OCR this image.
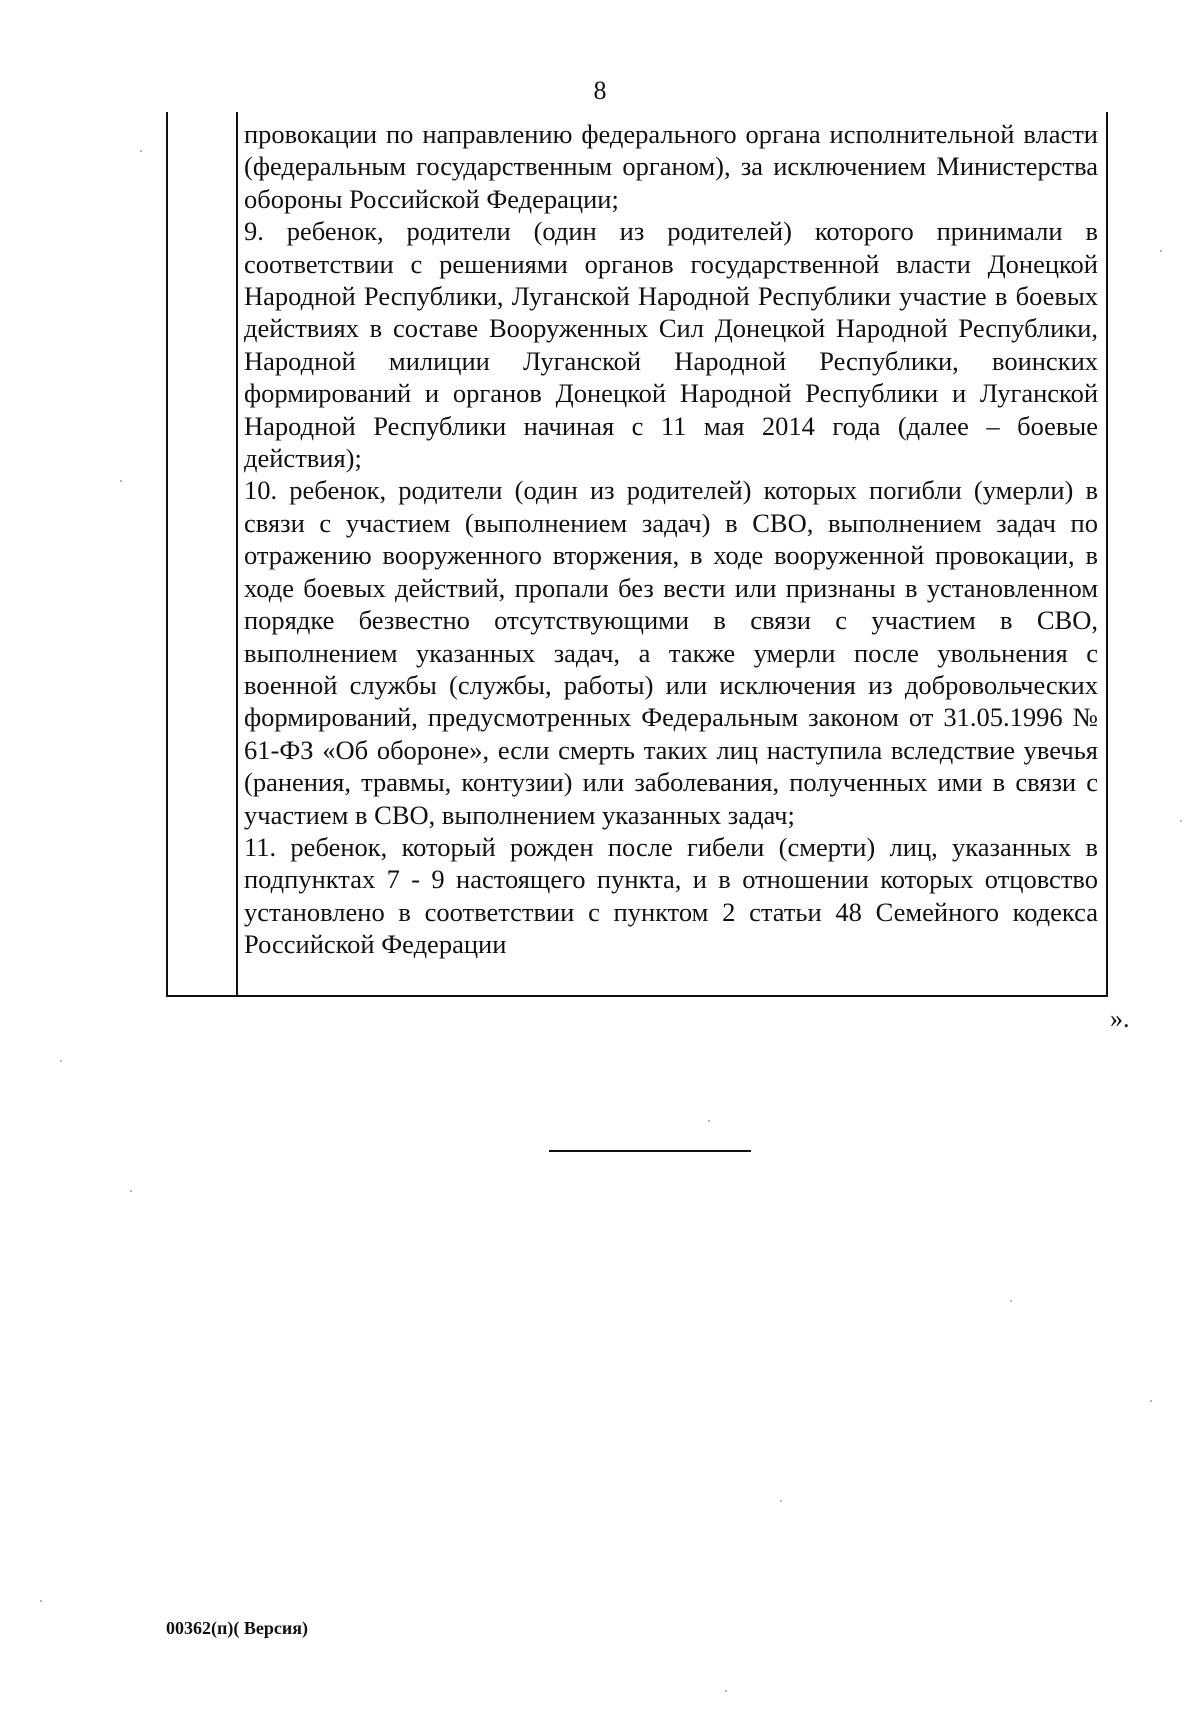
8

провокации по направлению федерального органа исполнительной власти (федеральным государственным органом), за исключением Министерства обороны Российской Федерации;

9. ребенок, родители (один из родителей) которого принимали в соответствии с решениями органов государственной власти Донецкой Народной Республики, Луганской Народной Республики участие в боевых действиях в составе Вооруженных Сил Донецкой Народной Республики, Народной милиции Луганской Народной Республики, воинских формирований и органов Донецкой Народной Республики и Луганской Народной Республики начиная с 11 мая 2014 года (далее – боевые действия);

10. ребенок, родители (один из родителей) которых погибли (умерли) в связи с участием (выполнением задач) в СВО, выполнением задач по отражению вооруженного вторжения, в ходе вооруженной провокации, в ходе боевых действий, пропали без вести или признаны в установленном порядке безвестно отсутствующими в связи с участием в СВО, выполнением указанных задач, а также умерли после увольнения с военной службы (службы, работы) или исключения из добровольческих формирований, предусмотренных Федеральным законом от 31.05.1996 № 61-ФЗ «Об обороне», если смерть таких лиц наступила вследствие увечья (ранения, травмы, контузии) или заболевания, полученных ими в связи с участием в СВО, выполнением указанных задач;

11. ребенок, который рожден после гибели (смерти) лиц, указанных в подпунктах 7 - 9 настоящего пункта, и в отношении которых отцовство установлено в соответствии с пунктом 2 статьи 48 Семейного кодекса Российской Федерации

».
00362(п)( Версия)
